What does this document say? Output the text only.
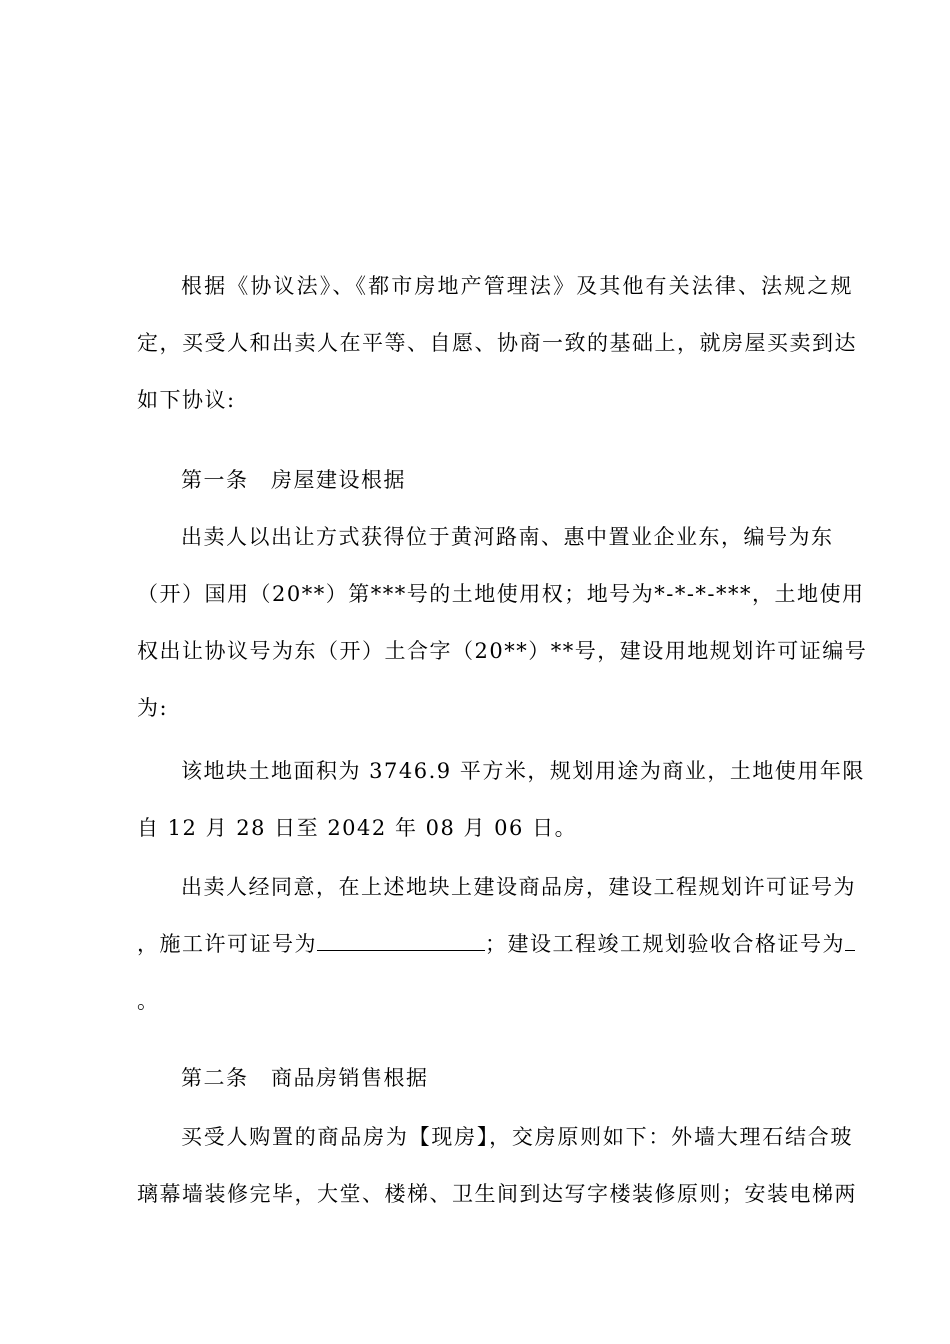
根据《协议法》、《都市房地产管理法》及其他有关法律、法规之规
定，买受人和出卖人在平等、自愿、协商一致的基础上，就房屋买卖到达
如下协议:
第一条　房屋建设根据
出卖人以出让方式获得位于黄河路南、惠中置业企业东，编号为东
（开）国用（20**）第***号的土地使用权；地号为*-*-*-***，土地使用
权出让协议号为东（开）土合字（20**）**号，建设用地规划许可证编号
为:
该地块土地面积为 3746.9 平方米，规划用途为商业，土地使用年限
自 12 月 28 日至 2042 年 08 月 06 日。
出卖人经同意，在上述地块上建设商品房，建设工程规划许可证号为
，施工许可证号为	；建设工程竣工规划验收合格证号为
。
第二条　商品房销售根据
买受人购置的商品房为【现房】，交房原则如下：外墙大理石结合玻
璃幕墙装修完毕，大堂、楼梯、卫生间到达写字楼装修原则；安装电梯两
